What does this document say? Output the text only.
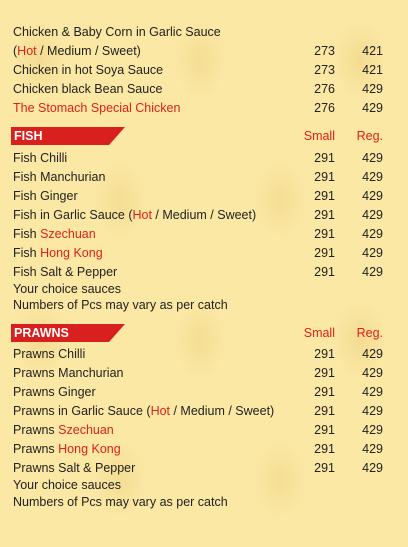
Chicken & Baby Corn in Garlic Sauce
(Hot / Medium / Sweet)	273	421
Chicken in hot Soya Sauce	273	421
Chicken black Bean Sauce	276	429
The Stomach Special Chicken	276	429
FISH	Small	Reg.
Fish Chilli	291	429
Fish Manchurian	291	429
Fish Ginger	291	429
Fish in Garlic Sauce (Hot / Medium / Sweet)	291	429
Fish Szechuan	291	429
Fish Hong Kong	291	429
Fish Salt & Pepper	291	429
Your choice sauces
Numbers of Pcs may vary as per catch
PRAWNS	Small	Reg.
Prawns Chilli	291	429
Prawns Manchurian	291	429
Prawns Ginger	291	429
Prawns in Garlic Sauce (Hot / Medium / Sweet)	291	429
Prawns Szechuan	291	429
Prawns Hong Kong	291	429
Prawns Salt & Pepper	291	429
Your choice sauces
Numbers of Pcs may vary as per catch
